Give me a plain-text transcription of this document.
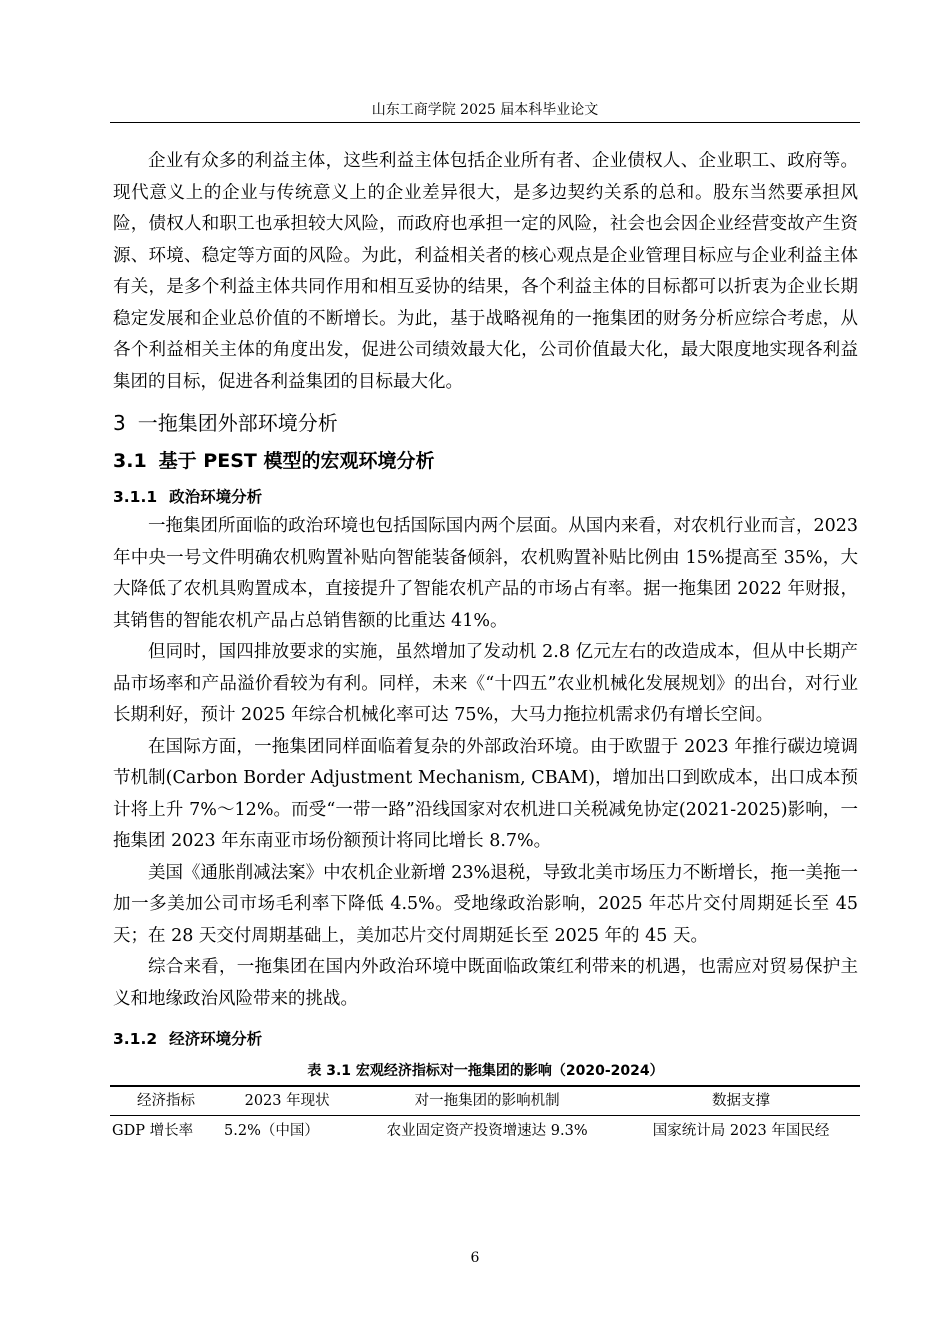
山东工商学院 2025 届本科毕业论文

企业有众多的利益主体，这些利益主体包括企业所有者、企业债权人、企业职工、政府等。现代意义上的企业与传统意义上的企业差异很大，是多边契约关系的总和。股东当然要承担风险，债权人和职工也承担较大风险，而政府也承担一定的风险，社会也会因企业经营变故产生资源、环境、稳定等方面的风险。为此，利益相关者的核心观点是企业管理目标应与企业利益主体有关，是多个利益主体共同作用和相互妥协的结果，各个利益主体的目标都可以折衷为企业长期稳定发展和企业总价值的不断增长。为此，基于战略视角的一拖集团的财务分析应综合考虑，从各个利益相关主体的角度出发，促进公司绩效最大化，公司价值最大化，最大限度地实现各利益集团的目标，促进各利益集团的目标最大化。

3 一拖集团外部环境分析
3.1 基于 PEST 模型的宏观环境分析
3.1.1 政治环境分析

一拖集团所面临的政治环境也包括国际国内两个层面。从国内来看，对农机行业而言，2023 年中央一号文件明确农机购置补贴向智能装备倾斜，农机购置补贴比例由 15%提高至 35%，大大降低了农机具购置成本，直接提升了智能农机产品的市场占有率。据一拖集团 2022 年财报，其销售的智能农机产品占总销售额的比重达 41%。

但同时，国四排放要求的实施，虽然增加了发动机 2.8 亿元左右的改造成本，但从中长期产品市场率和产品溢价看较为有利。同样，未来《“十四五”农业机械化发展规划》的出台，对行业长期利好，预计 2025 年综合机械化率可达 75%，大马力拖拉机需求仍有增长空间。

在国际方面，一拖集团同样面临着复杂的外部政治环境。由于欧盟于 2023 年推行碳边境调节机制(Carbon Border Adjustment Mechanism, CBAM)，增加出口到欧成本，出口成本预计将上升 7%～12%。而受“一带一路”沿线国家对农机进口关税减免协定(2021-2025)影响，一拖集团 2023 年东南亚市场份额预计将同比增长 8.7%。

美国《通胀削减法案》中农机企业新增 23%退税，导致北美市场压力不断增长，拖一美拖一加一多美加公司市场毛利率下降低 4.5%。受地缘政治影响，2025 年芯片交付周期延长至 45 天；在 28 天交付周期基础上，美加芯片交付周期延长至 2025 年的 45 天。

综合来看，一拖集团在国内外政治环境中既面临政策红利带来的机遇，也需应对贸易保护主义和地缘政治风险带来的挑战。

3.1.2 经济环境分析
表 3.1 宏观经济指标对一拖集团的影响（2020-2024）
经济指标	2023 年现状	对一拖集团的影响机制	数据支撑
GDP 增长率	5.2%（中国）	农业固定资产投资增速达 9.3%	国家统计局 2023 年国民经
6
